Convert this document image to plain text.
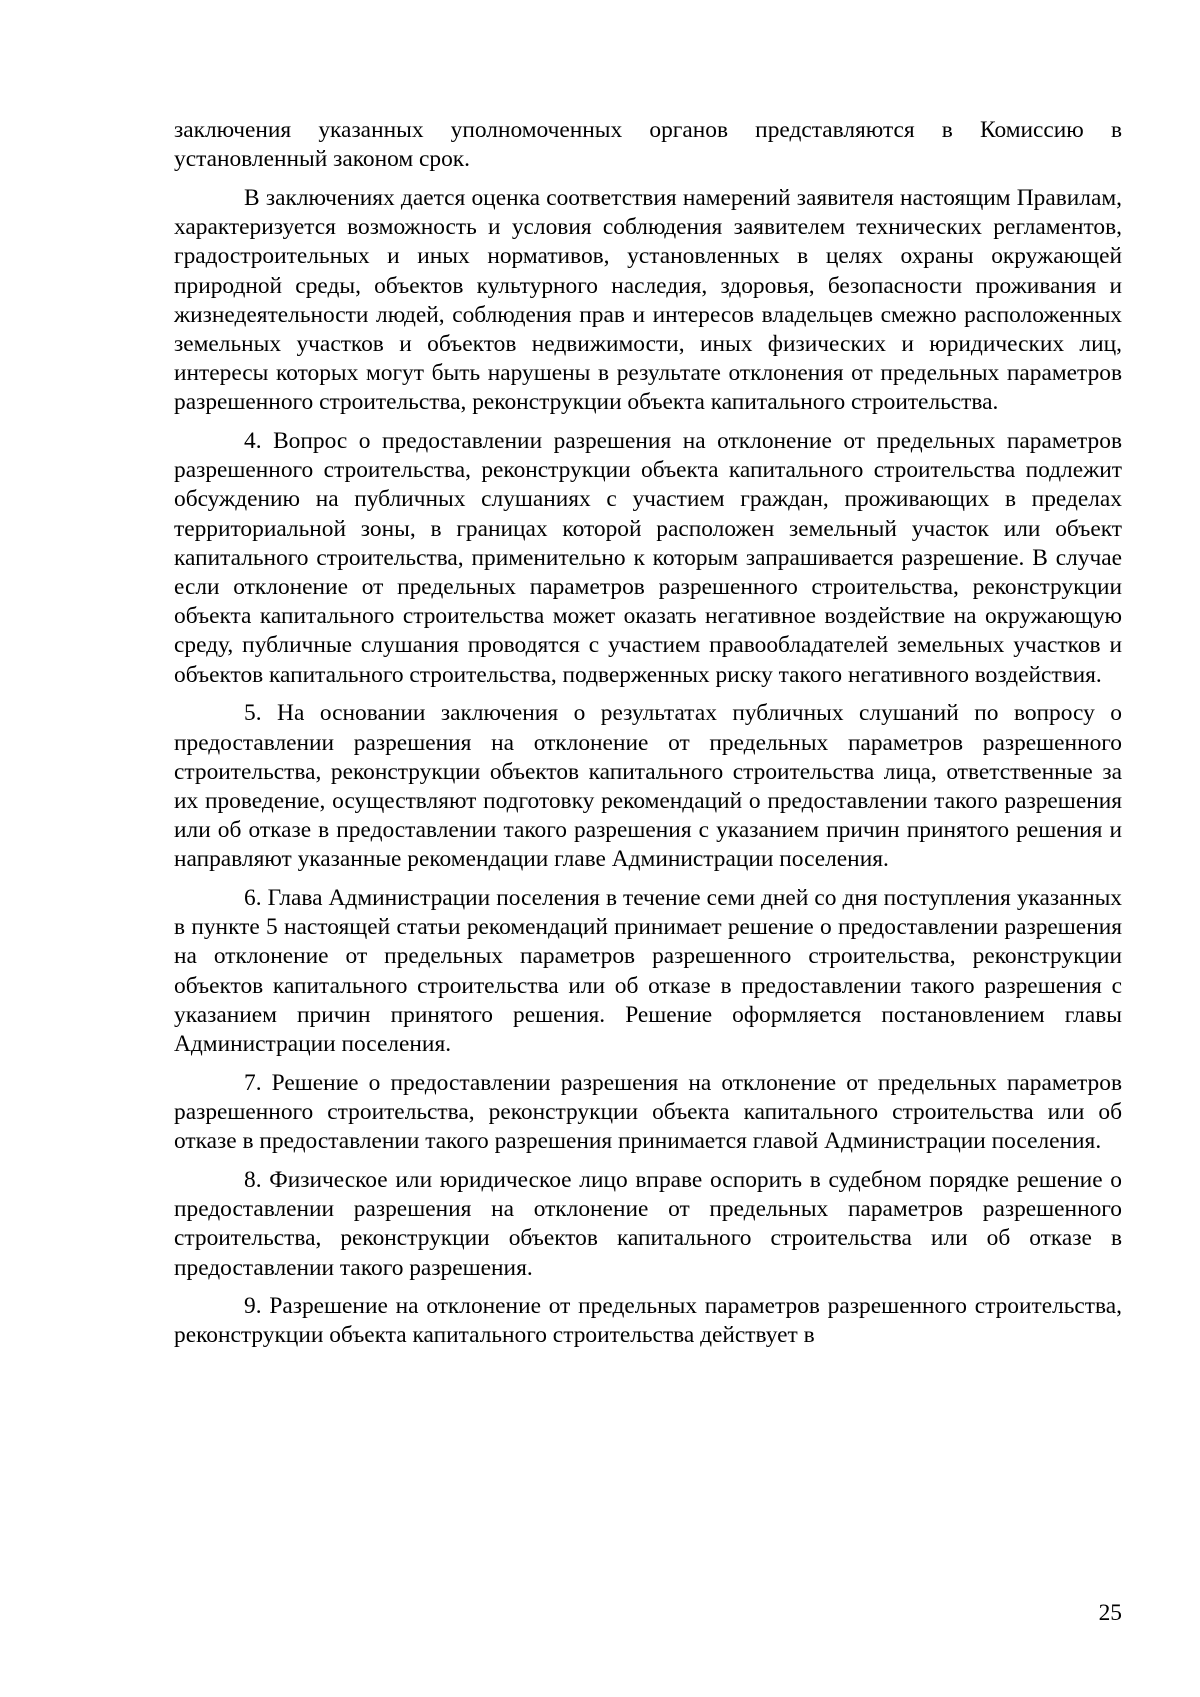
заключения указанных уполномоченных органов представляются в Комиссию в установленный законом срок.

В заключениях дается оценка соответствия намерений заявителя настоящим Правилам, характеризуется возможность и условия соблюдения заявителем технических регламентов, градостроительных и иных нормативов, установленных в целях охраны окружающей природной среды, объектов культурного наследия, здоровья, безопасности проживания и жизнедеятельности людей, соблюдения прав и интересов владельцев смежно расположенных земельных участков и объектов недвижимости, иных физических и юридических лиц, интересы которых могут быть нарушены в результате отклонения от предельных параметров разрешенного строительства, реконструкции объекта капитального строительства.

4. Вопрос о предоставлении разрешения на отклонение от предельных параметров разрешенного строительства, реконструкции объекта капитального строительства подлежит обсуждению на публичных слушаниях с участием граждан, проживающих в пределах территориальной зоны, в границах которой расположен земельный участок или объект капитального строительства, применительно к которым запрашивается разрешение. В случае если отклонение от предельных параметров разрешенного строительства, реконструкции объекта капитального строительства может оказать негативное воздействие на окружающую среду, публичные слушания проводятся с участием правообладателей земельных участков и объектов капитального строительства, подверженных риску такого негативного воздействия.

5. На основании заключения о результатах публичных слушаний по вопросу о предоставлении разрешения на отклонение от предельных параметров разрешенного строительства, реконструкции объектов капитального строительства лица, ответственные за их проведение, осуществляют подготовку рекомендаций о предоставлении такого разрешения или об отказе в предоставлении такого разрешения с указанием причин принятого решения и направляют указанные рекомендации главе Администрации поселения.

6. Глава Администрации поселения в течение семи дней со дня поступления указанных в пункте 5 настоящей статьи рекомендаций принимает решение о предоставлении разрешения на отклонение от предельных параметров разрешенного строительства, реконструкции объектов капитального строительства или об отказе в предоставлении такого разрешения с указанием причин принятого решения. Решение оформляется постановлением главы Администрации поселения.

7. Решение о предоставлении разрешения на отклонение от предельных параметров разрешенного строительства, реконструкции объекта капитального строительства или об отказе в предоставлении такого разрешения принимается главой Администрации поселения.

8. Физическое или юридическое лицо вправе оспорить в судебном порядке решение о предоставлении разрешения на отклонение от предельных параметров разрешенного строительства, реконструкции объектов капитального строительства или об отказе в предоставлении такого разрешения.

9. Разрешение на отклонение от предельных параметров разрешенного строительства, реконструкции объекта капитального строительства действует в

25
